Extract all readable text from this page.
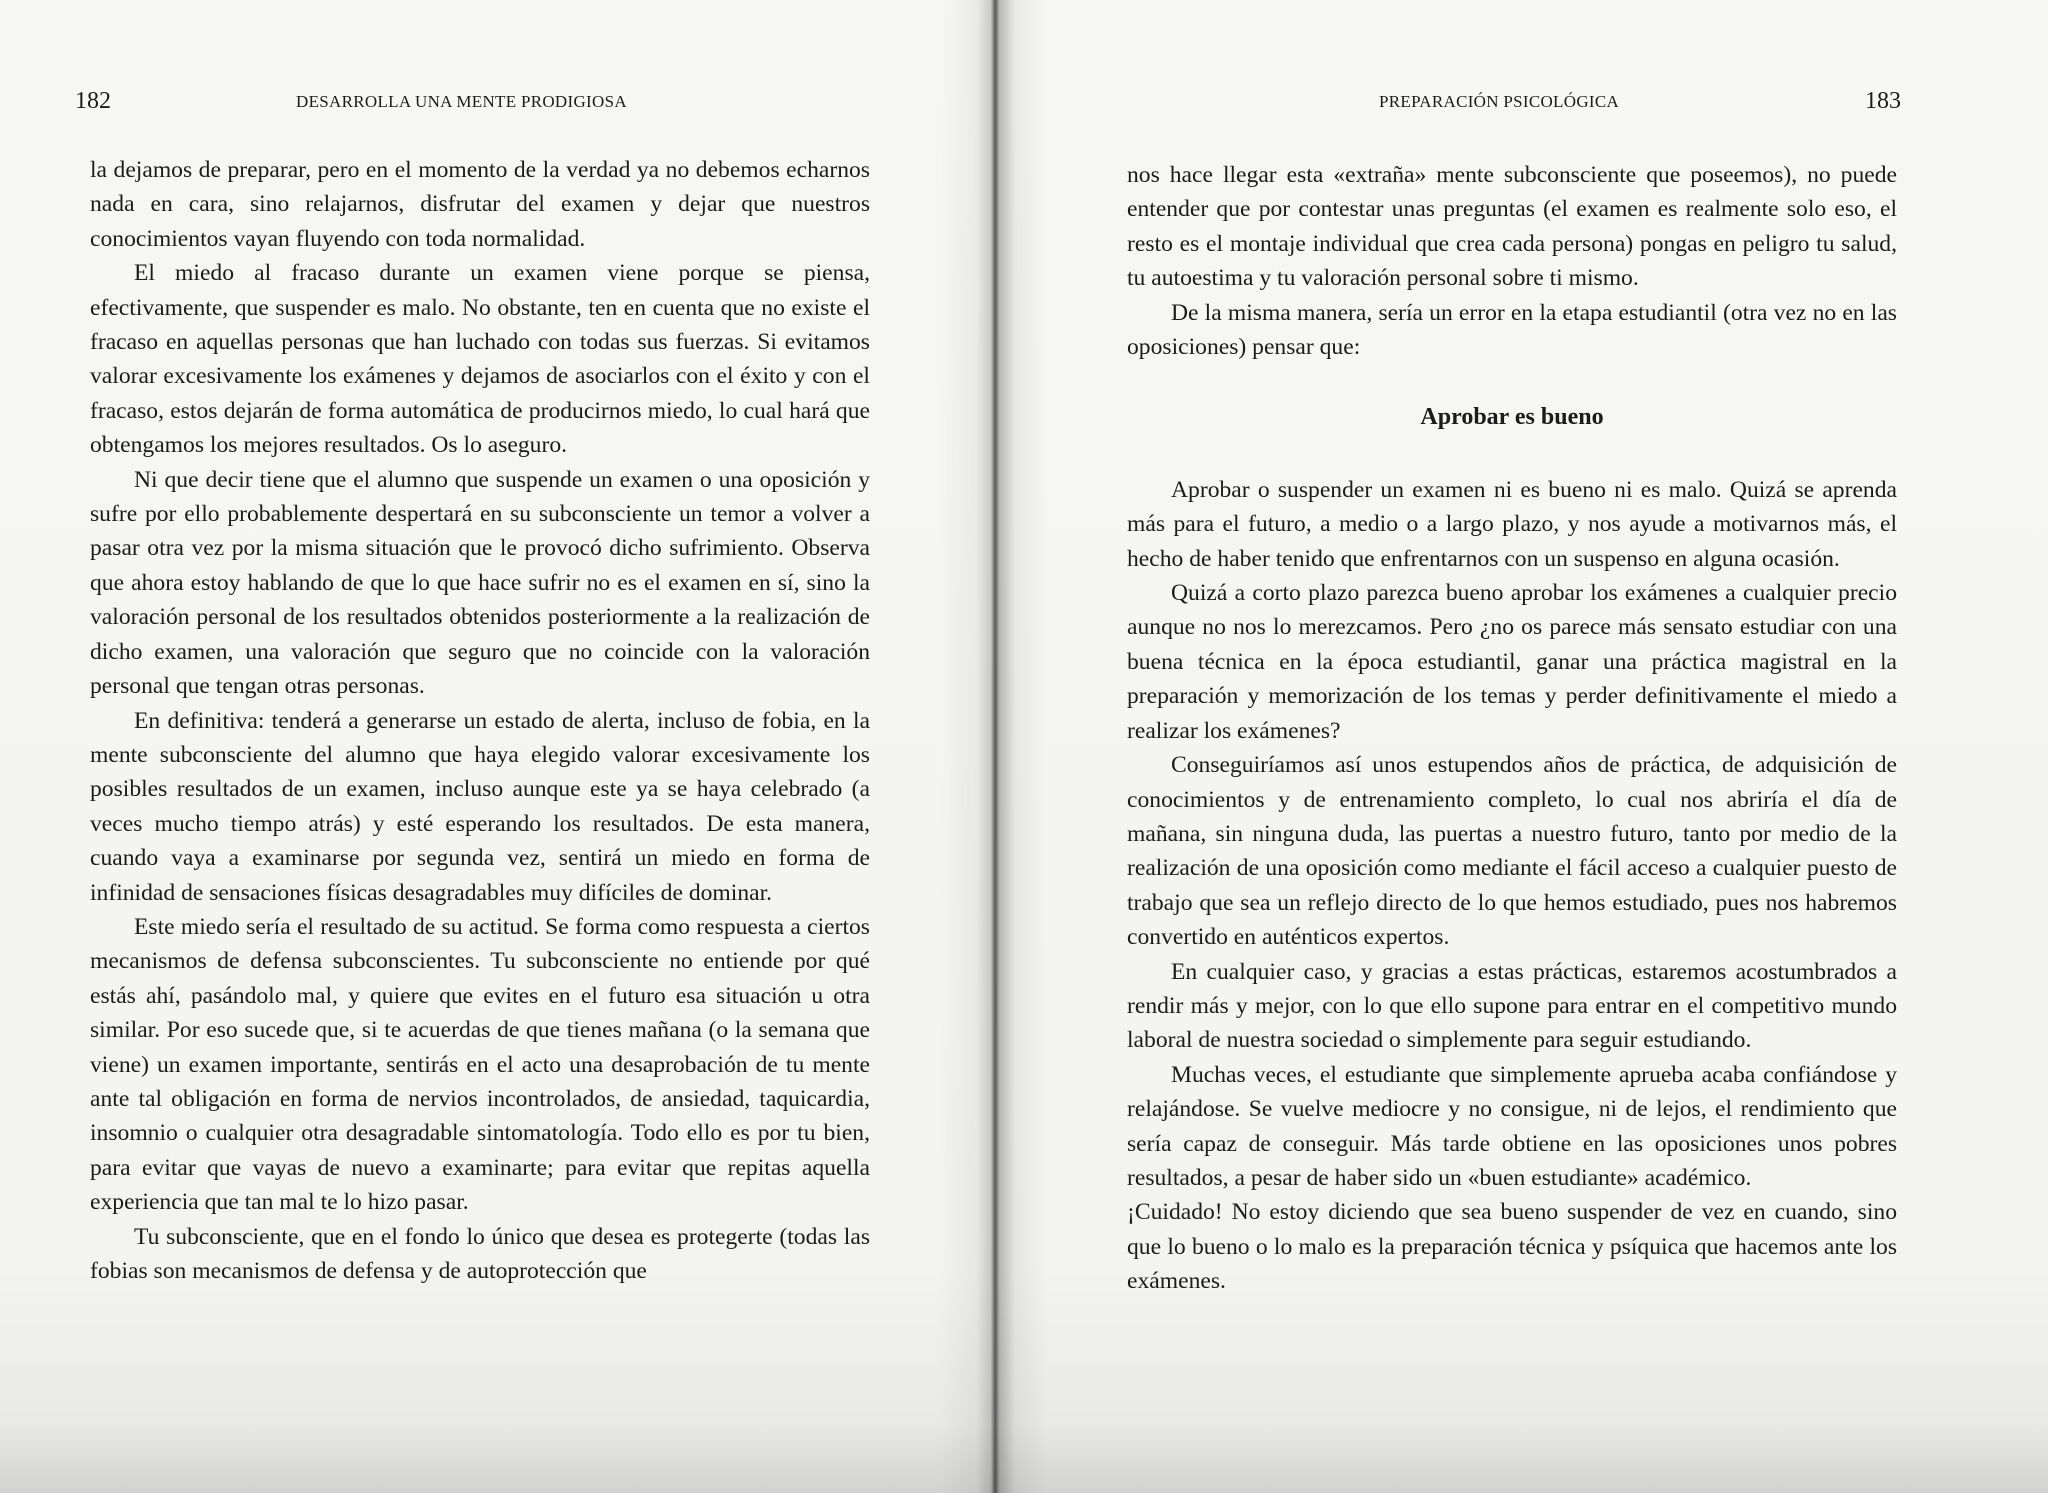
182	DESARROLLA UNA MENTE PRODIGIOSA

la dejamos de preparar, pero en el momento de la verdad ya no debemos echarnos nada en cara, sino relajarnos, disfrutar del examen y dejar que nuestros conocimientos vayan fluyendo con toda normalidad.

El miedo al fracaso durante un examen viene porque se piensa, efectivamente, que suspender es malo. No obstante, ten en cuenta que no existe el fracaso en aquellas personas que han luchado con todas sus fuerzas. Si evitamos valorar excesivamente los exámenes y dejamos de asociarlos con el éxito y con el fracaso, estos dejarán de forma automática de producirnos miedo, lo cual hará que obtengamos los mejores resultados. Os lo aseguro.

Ni que decir tiene que el alumno que suspende un examen o una oposición y sufre por ello probablemente despertará en su subconsciente un temor a volver a pasar otra vez por la misma situación que le provocó dicho sufrimiento. Observa que ahora estoy hablando de que lo que hace sufrir no es el examen en sí, sino la valoración personal de los resultados obtenidos posteriormente a la realización de dicho examen, una valoración que seguro que no coincide con la valoración personal que tengan otras personas.

En definitiva: tenderá a generarse un estado de alerta, incluso de fobia, en la mente subconsciente del alumno que haya elegido valorar excesivamente los posibles resultados de un examen, incluso aunque este ya se haya celebrado (a veces mucho tiempo atrás) y esté esperando los resultados. De esta manera, cuando vaya a examinarse por segunda vez, sentirá un miedo en forma de infinidad de sensaciones físicas desagradables muy difíciles de dominar.

Este miedo sería el resultado de su actitud. Se forma como respuesta a ciertos mecanismos de defensa subconscientes. Tu subconsciente no entiende por qué estás ahí, pasándolo mal, y quiere que evites en el futuro esa situación u otra similar. Por eso sucede que, si te acuerdas de que tienes mañana (o la semana que viene) un examen importante, sentirás en el acto una desaprobación de tu mente ante tal obligación en forma de nervios incontrolados, de ansiedad, taquicardia, insomnio o cualquier otra desagradable sintomatología. Todo ello es por tu bien, para evitar que vayas de nuevo a examinarte; para evitar que repitas aquella experiencia que tan mal te lo hizo pasar.

Tu subconsciente, que en el fondo lo único que desea es protegerte (todas las fobias son mecanismos de defensa y de autoprotección que

PREPARACIÓN PSICOLÓGICA	183

nos hace llegar esta «extraña» mente subconsciente que poseemos), no puede entender que por contestar unas preguntas (el examen es realmente solo eso, el resto es el montaje individual que crea cada persona) pongas en peligro tu salud, tu autoestima y tu valoración personal sobre ti mismo.

De la misma manera, sería un error en la etapa estudiantil (otra vez no en las oposiciones) pensar que:

Aprobar es bueno

Aprobar o suspender un examen ni es bueno ni es malo. Quizá se aprenda más para el futuro, a medio o a largo plazo, y nos ayude a motivarnos más, el hecho de haber tenido que enfrentarnos con un suspenso en alguna ocasión.

Quizá a corto plazo parezca bueno aprobar los exámenes a cualquier precio aunque no nos lo merezcamos. Pero ¿no os parece más sensato estudiar con una buena técnica en la época estudiantil, ganar una práctica magistral en la preparación y memorización de los temas y perder definitivamente el miedo a realizar los exámenes?

Conseguiríamos así unos estupendos años de práctica, de adquisición de conocimientos y de entrenamiento completo, lo cual nos abriría el día de mañana, sin ninguna duda, las puertas a nuestro futuro, tanto por medio de la realización de una oposición como mediante el fácil acceso a cualquier puesto de trabajo que sea un reflejo directo de lo que hemos estudiado, pues nos habremos convertido en auténticos expertos.

En cualquier caso, y gracias a estas prácticas, estaremos acostumbrados a rendir más y mejor, con lo que ello supone para entrar en el competitivo mundo laboral de nuestra sociedad o simplemente para seguir estudiando.

Muchas veces, el estudiante que simplemente aprueba acaba confiándose y relajándose. Se vuelve mediocre y no consigue, ni de lejos, el rendimiento que sería capaz de conseguir. Más tarde obtiene en las oposiciones unos pobres resultados, a pesar de haber sido un «buen estudiante» académico.

¡Cuidado! No estoy diciendo que sea bueno suspender de vez en cuando, sino que lo bueno o lo malo es la preparación técnica y psíquica que hacemos ante los exámenes.
